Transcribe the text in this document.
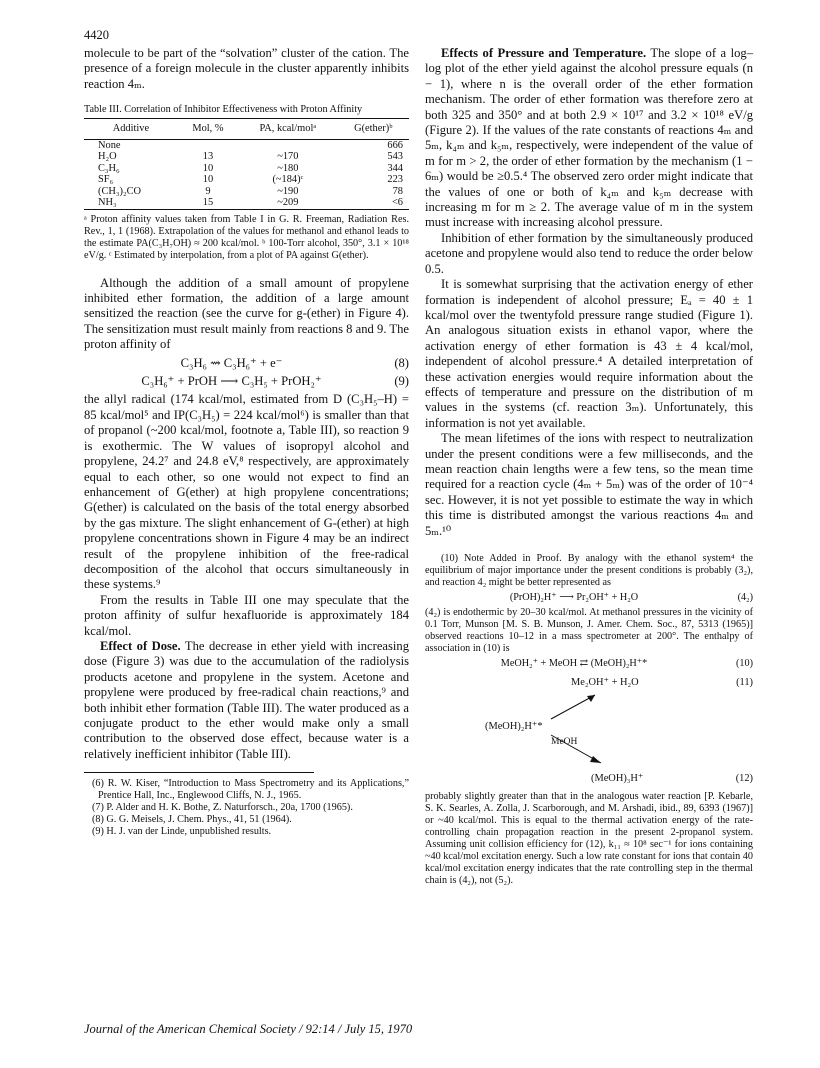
4420

molecule to be part of the “solvation” cluster of the cation. The presence of a foreign molecule in the cluster apparently inhibits reaction 4ₘ.

Table III. Correlation of Inhibitor Effectiveness with Proton Affinity

Additive	Mol, %	PA, kcal/molᵃ	G(ether)ᵇ
None			666
H₂O	13	~170	543
C₃H₆	10	~180	344
SF₆	10	(~184)ᶜ	223
(CH₃)₂CO	9	~190	78
NH₃	15	~209	<6

ᵃ Proton affinity values taken from Table I in G. R. Freeman, Radiation Res. Rev., 1, 1 (1968). Extrapolation of the values for methanol and ethanol leads to the estimate PA(C₃H₇OH) ≈ 200 kcal/mol. ᵇ 100-Torr alcohol, 350°, 3.1 × 10¹⁸ eV/g. ᶜ Estimated by interpolation, from a plot of PA against G(ether).

Although the addition of a small amount of propylene inhibited ether formation, the addition of a large amount sensitized the reaction (see the curve for g-(ether) in Figure 4). The sensitization must result mainly from reactions 8 and 9. The proton affinity of

C₃H₆ ⇝ C₃H₆⁺ + e⁻	(8)
C₃H₆⁺ + PrOH ⟶ C₃H₅ + PrOH₂⁺	(9)

the allyl radical (174 kcal/mol, estimated from D (C₃H₅–H) = 85 kcal/mol⁵ and IP(C₃H₅) = 224 kcal/mol⁶) is smaller than that of propanol (~200 kcal/mol, footnote a, Table III), so reaction 9 is exothermic. The W values of isopropyl alcohol and propylene, 24.2⁷ and 24.8 eV,⁸ respectively, are approximately equal to each other, so one would not expect to find an enhancement of G(ether) at high propylene concentrations; G(ether) is calculated on the basis of the total energy absorbed by the gas mixture. The slight enhancement of G-(ether) at high propylene concentrations shown in Figure 4 may be an indirect result of the propylene inhibition of the free-radical decomposition of the alcohol that occurs simultaneously in these systems.⁹

From the results in Table III one may speculate that the proton affinity of sulfur hexafluoride is approximately 184 kcal/mol.

Effect of Dose. The decrease in ether yield with increasing dose (Figure 3) was due to the accumulation of the radiolysis products acetone and propylene in the system. Acetone and propylene were produced by free-radical chain reactions,⁹ and both inhibit ether formation (Table III). The water produced as a conjugate product to the ether would make only a small contribution to the observed dose effect, because water is a relatively inefficient inhibitor (Table III).

(6) R. W. Kiser, “Introduction to Mass Spectrometry and its Applications,” Prentice Hall, Inc., Englewood Cliffs, N. J., 1965.

(7) P. Alder and H. K. Bothe, Z. Naturforsch., 20a, 1700 (1965).

(8) G. G. Meisels, J. Chem. Phys., 41, 51 (1964).

(9) H. J. van der Linde, unpublished results.

Effects of Pressure and Temperature. The slope of a log–log plot of the ether yield against the alcohol pressure equals (n − 1), where n is the overall order of the ether formation mechanism. The order of ether formation was therefore zero at both 325 and 350° and at both 2.9 × 10¹⁷ and 3.2 × 10¹⁸ eV/g (Figure 2). If the values of the rate constants of reactions 4ₘ and 5ₘ, k₄ₘ and k₅ₘ, respectively, were independent of the value of m for m > 2, the order of ether formation by the mechanism (1 − 6ₘ) would be ≥0.5.⁴ The observed zero order might indicate that the values of one or both of k₄ₘ and k₅ₘ decrease with increasing m for m ≥ 2. The average value of m in the system must increase with increasing alcohol pressure.

Inhibition of ether formation by the simultaneously produced acetone and propylene would also tend to reduce the order below 0.5.

It is somewhat surprising that the activation energy of ether formation is independent of alcohol pressure; Eₐ = 40 ± 1 kcal/mol over the twentyfold pressure range studied (Figure 1). An analogous situation exists in ethanol vapor, where the activation energy of ether formation is 43 ± 4 kcal/mol, independent of alcohol pressure.⁴ A detailed interpretation of these activation energies would require information about the effects of temperature and pressure on the distribution of m values in the systems (cf. reaction 3ₘ). Unfortunately, this information is not yet available.

The mean lifetimes of the ions with respect to neutralization under the present conditions were a few milliseconds, and the mean reaction chain lengths were a few tens, so the mean time required for a reaction cycle (4ₘ + 5ₘ) was of the order of 10⁻⁴ sec. However, it is not yet possible to estimate the way in which this time is distributed amongst the various reactions 4ₘ and 5ₘ.¹⁰

(10) Note Added in Proof. By analogy with the ethanol system⁴ the equilibrium of major importance under the present conditions is probably (3₂), and reaction 4₂ might be better represented as

(PrOH)₂H⁺ ⟶ Pr₂OH⁺ + H₂O	(4₂)

(4₂) is endothermic by 20–30 kcal/mol. At methanol pressures in the vicinity of 0.1 Torr, Munson [M. S. B. Munson, J. Amer. Chem. Soc., 87, 5313 (1965)] observed reactions 10–12 in a mass spectrometer at 200°. The enthalpy of association in (10) is

MeOH₂⁺ + MeOH ⇄ (MeOH)₂H⁺*	(10)
Me₂OH⁺ + H₂O	(11)
(MeOH)₂H⁺*
MeOH
(MeOH)₃H⁺	(12)

probably slightly greater than that in the analogous water reaction [P. Kebarle, S. K. Searles, A. Zolla, J. Scarborough, and M. Arshadi, ibid., 89, 6393 (1967)] or ~40 kcal/mol. This is equal to the thermal activation energy of the rate-controlling chain propagation reaction in the present 2-propanol system. Assuming unit collision efficiency for (12), k₁₁ ≈ 10⁸ sec⁻¹ for ions containing ~40 kcal/mol excitation energy. Such a low rate constant for ions that contain 40 kcal/mol excitation energy indicates that the rate controlling step in the thermal chain is (4₂), not (5₂).

Journal of the American Chemical Society / 92:14 / July 15, 1970
